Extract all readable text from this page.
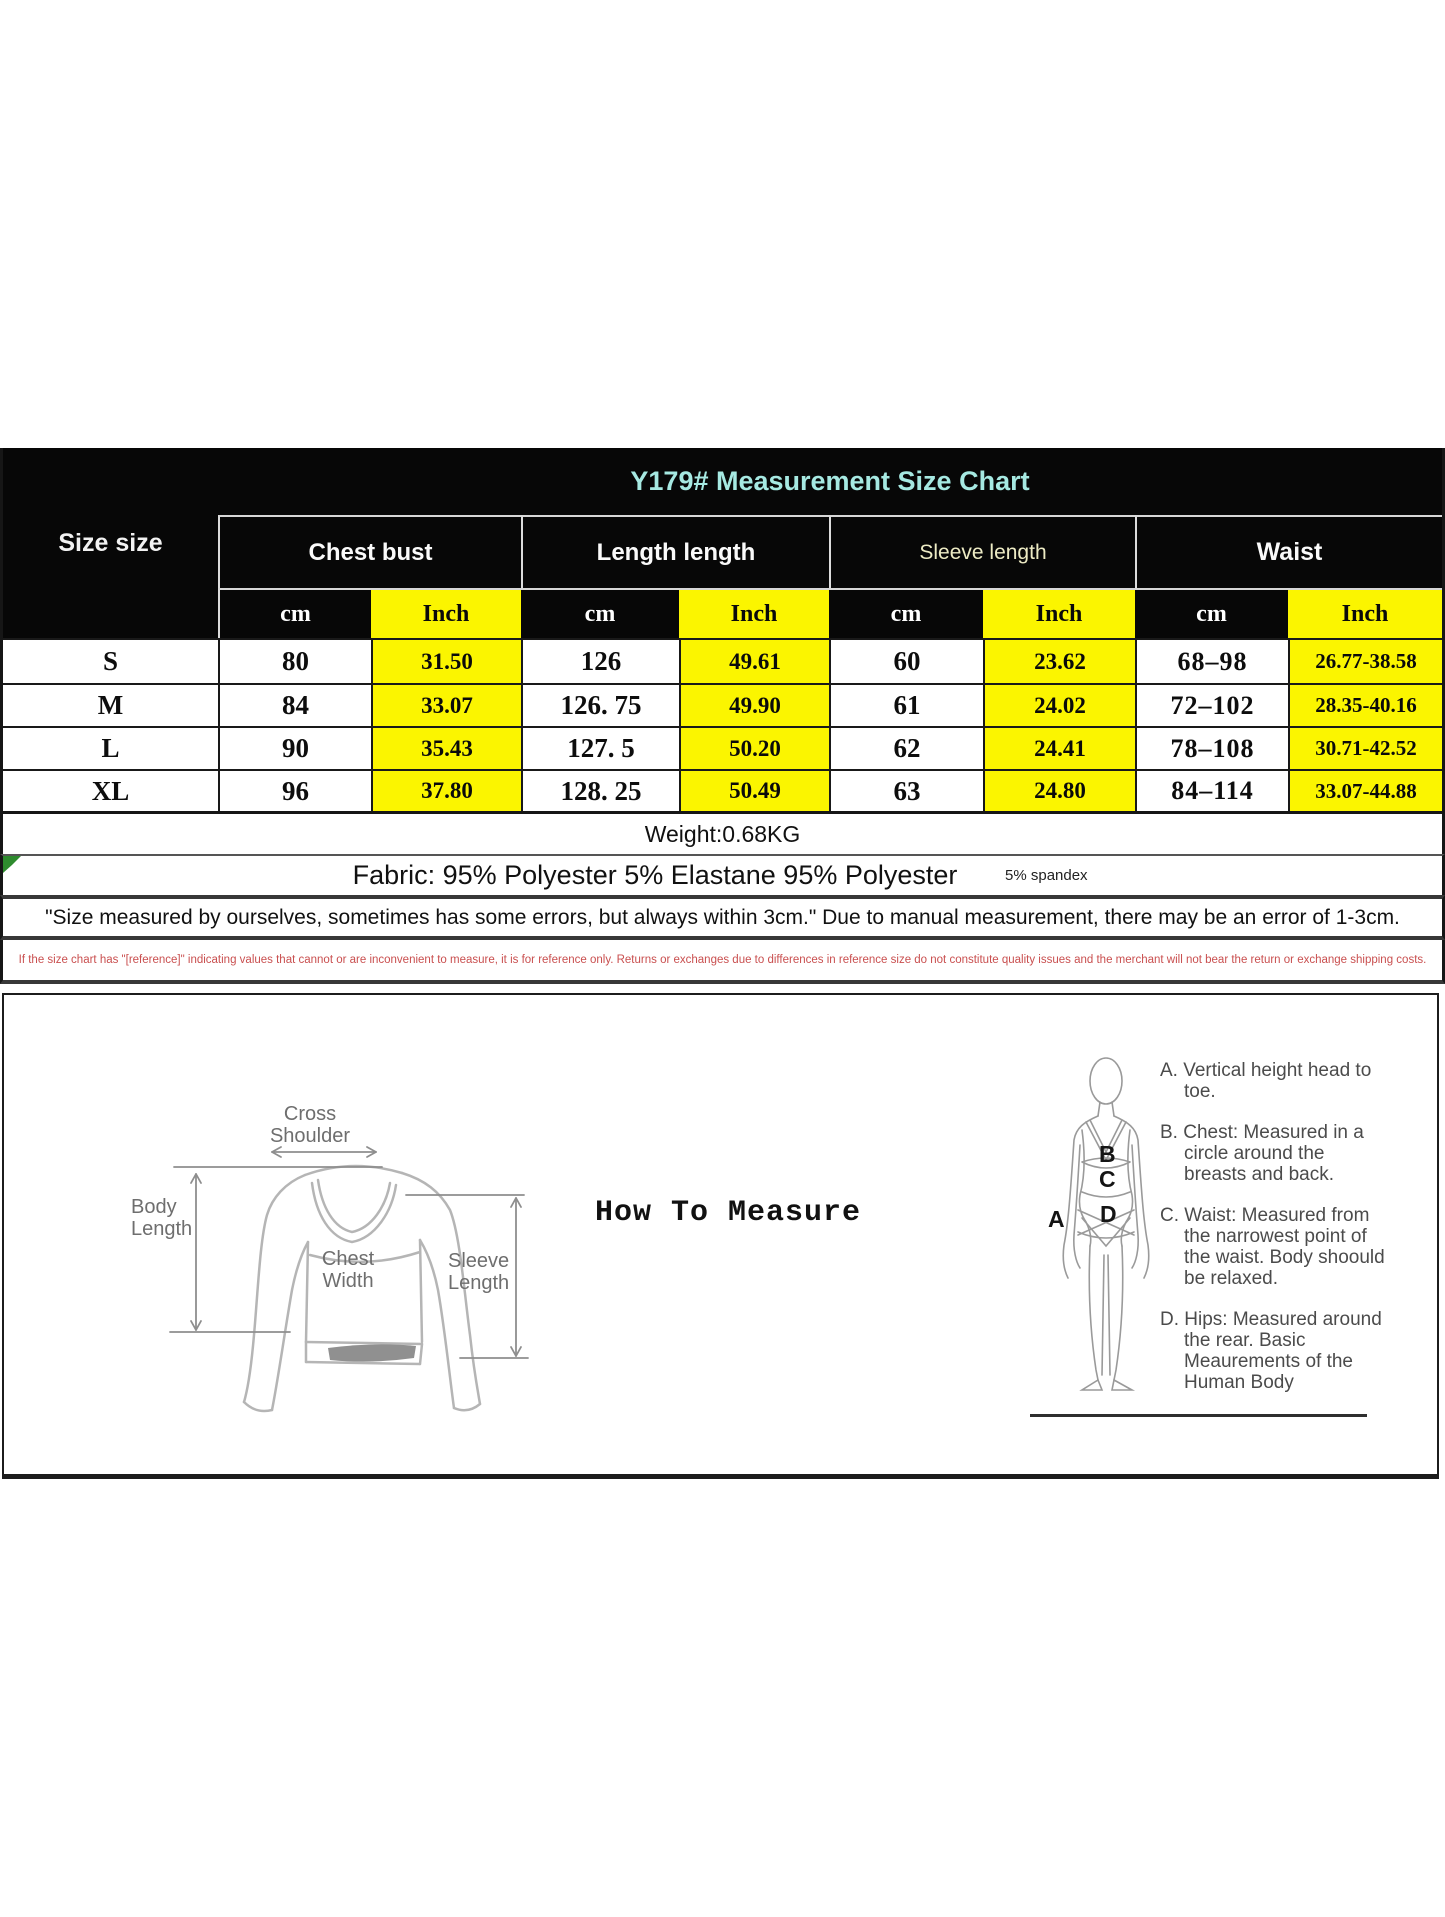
Size size
Y179# Measurement Size Chart
Chest bust	Length length	Sleeve length	Waist
cm	Inch	cm	Inch	cm	Inch	cm	Inch
S	80	31.50	126	49.61	60	23.62	68–98	26.77-38.58
M	84	33.07	126. 75	49.90	61	24.02	72–102	28.35-40.16
L	90	35.43	127. 5	50.20	62	24.41	78–108	30.71-42.52
XL	96	37.80	128. 25	50.49	63	24.80	84–114	33.07-44.88
Weight:0.68KG
Fabric: 95% Polyester 5% Elastane 95% Polyester	5% spandex
"Size measured by ourselves, sometimes has some errors, but always within 3cm." Due to manual measurement, there may be an error of 1-3cm.
If the size chart has "[reference]" indicating values that cannot or are inconvenient to measure, it is for reference only. Returns or exchanges due to differences in reference size do not constitute quality issues and the merchant will not bear the return or exchange shipping costs.
Cross
Shoulder
Body
Length
Chest
Width
Sleeve
Length
How To Measure	A
B
C
D

A. Vertical height head to toe.

B. Chest: Measured in a circle around the breasts and back.

C. Waist: Measured from the narrowest point of the waist. Body shoould be relaxed.

D. Hips: Measured around the rear. Basic Meaurements of the Human Body
